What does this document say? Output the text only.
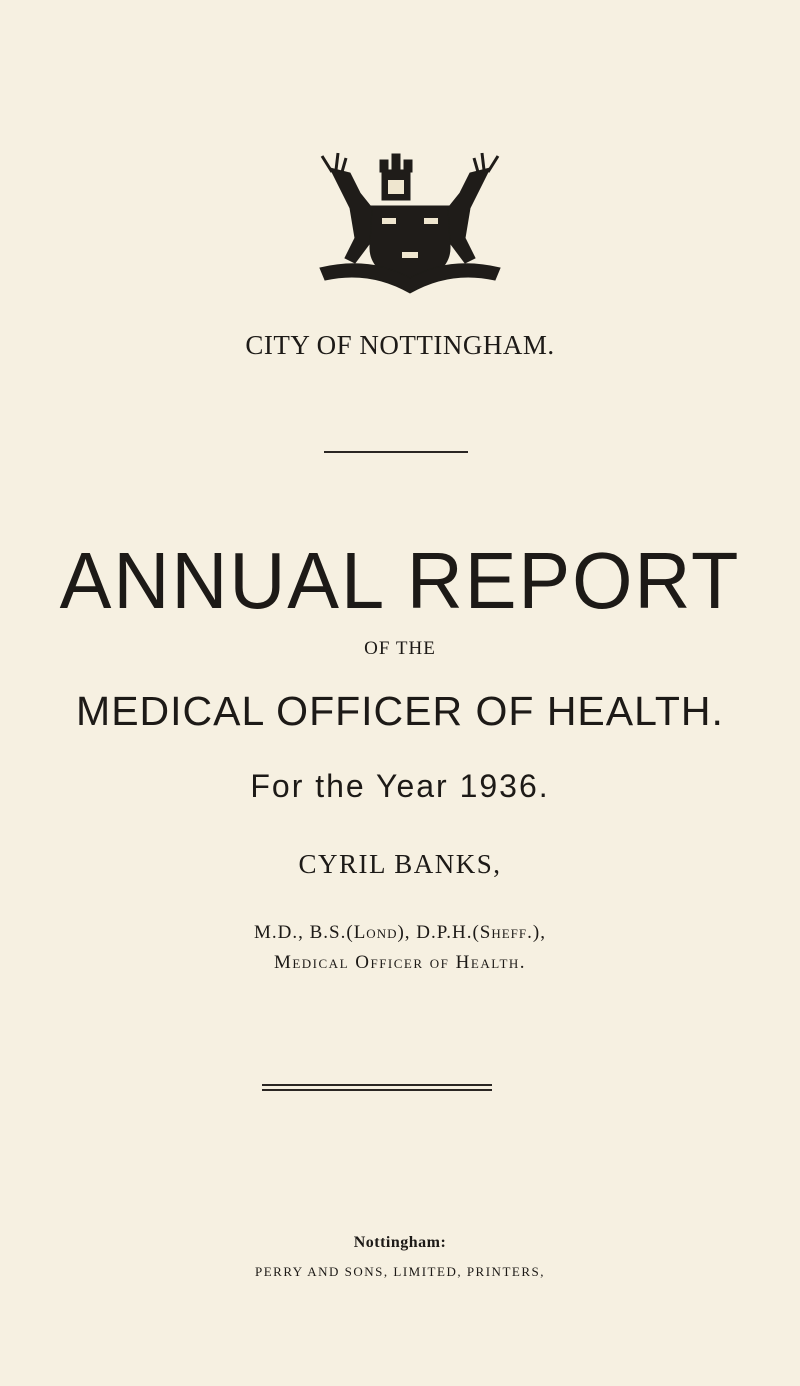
CITY OF NOTTINGHAM.
ANNUAL REPORT
OF THE
MEDICAL OFFICER OF HEALTH.
For the Year 1936.
CYRIL BANKS,
M.D., B.S.(Lond), D.P.H.(Sheff.),
Medical Officer of Health.
Nottingham:
PERRY AND SONS, LIMITED, PRINTERS,
